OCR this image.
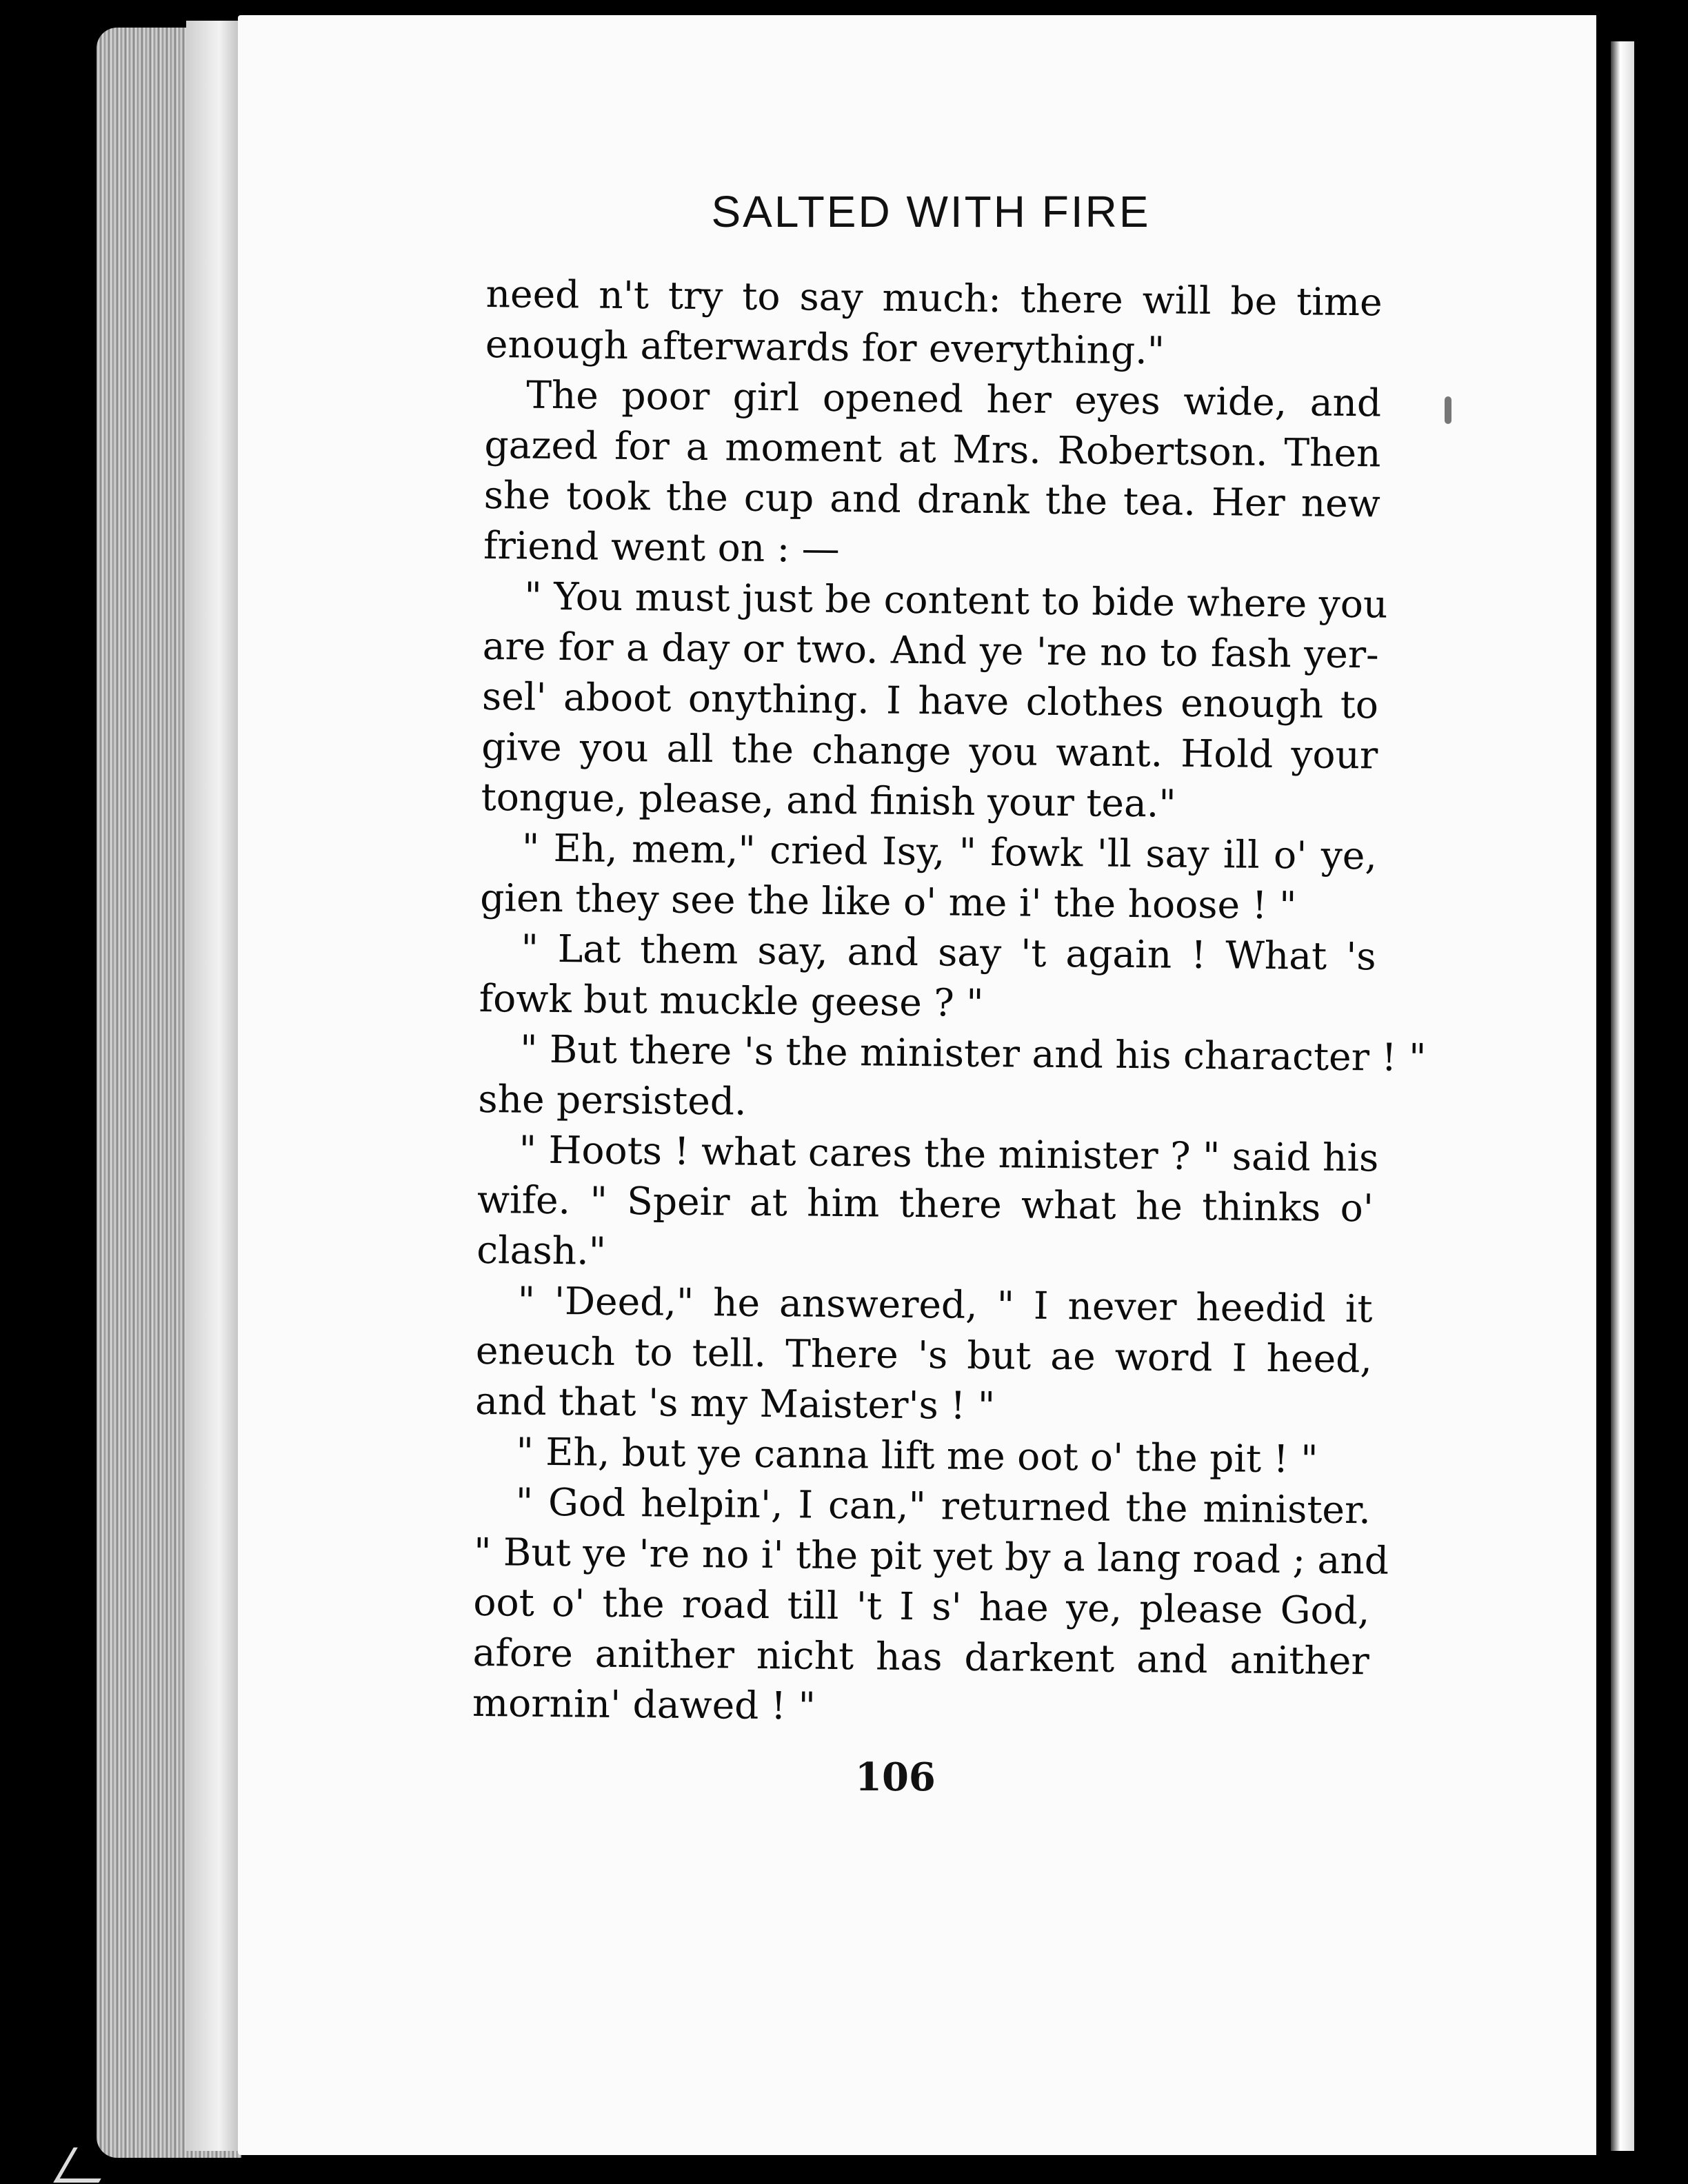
SALTED WITH FIRE
need n't try to say much: there will be time
enough afterwards for everything."
The poor girl opened her eyes wide, and
gazed for a moment at Mrs. Robertson. Then
she took the cup and drank the tea. Her new
friend went on : —
" You must just be content to bide where you
are for a day or two. And ye 're no to fash yer-
sel' aboot onything. I have clothes enough to
give you all the change you want. Hold your
tongue, please, and finish your tea."
" Eh, mem," cried Isy, " fowk 'll say ill o' ye,
gien they see the like o' me i' the hoose ! "
" Lat them say, and say 't again ! What 's
fowk but muckle geese ? "
" But there 's the minister and his character ! "
she persisted.
" Hoots ! what cares the minister ? " said his
wife. " Speir at him there what he thinks o'
clash."
" 'Deed," he answered, " I never heedid it
eneuch to tell. There 's but ae word I heed,
and that 's my Maister's ! "
" Eh, but ye canna lift me oot o' the pit ! "
" God helpin', I can," returned the minister.
" But ye 're no i' the pit yet by a lang road ; and
oot o' the road till 't I s' hae ye, please God,
afore anither nicht has darkent and anither
mornin' dawed ! "
106
